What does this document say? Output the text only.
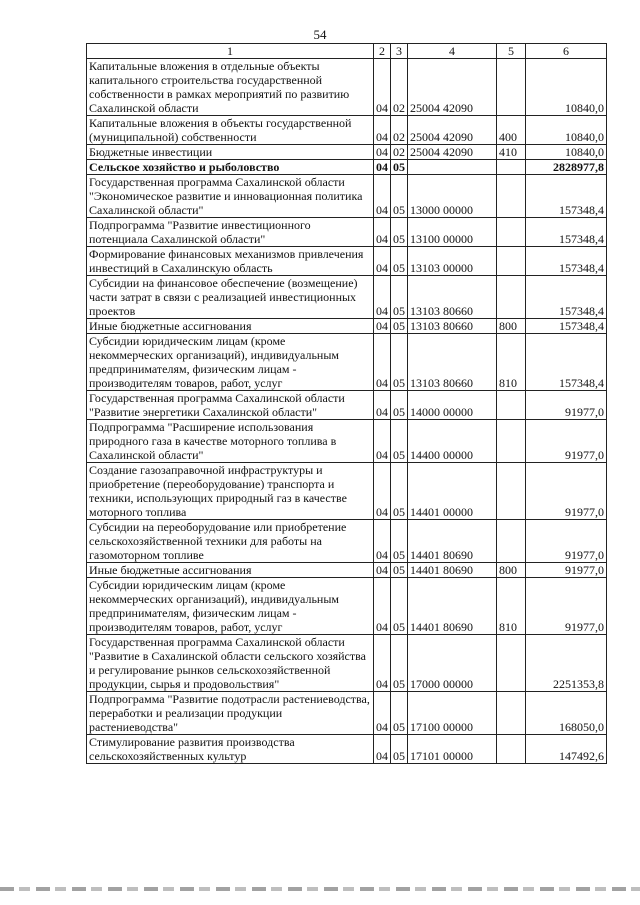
54
1	2	3	4	5	6
Капитальные вложения в отдельные объекты капитального строительства государственной собственности в рамках мероприятий по развитию Сахалинской области	04	02	25004 42090		10840,0
Капитальные вложения в объекты государственной (муниципальной) собственности	04	02	25004 42090	400	10840,0
Бюджетные инвестиции	04	02	25004 42090	410	10840,0
Сельское хозяйство и рыболовство	04	05			2828977,8
Государственная программа Сахалинской области "Экономическое развитие и инновационная политика Сахалинской области"	04	05	13000 00000		157348,4
Подпрограмма "Развитие инвестиционного потенциала Сахалинской области"	04	05	13100 00000		157348,4
Формирование финансовых механизмов привлечения инвестиций в Сахалинскую область	04	05	13103 00000		157348,4
Субсидии на финансовое обеспечение (возмещение) части затрат в связи с реализацией инвестиционных проектов	04	05	13103 80660		157348,4
Иные бюджетные ассигнования	04	05	13103 80660	800	157348,4
Субсидии юридическим лицам (кроме некоммерческих организаций), индивидуальным предпринимателям, физическим лицам - производителям товаров, работ, услуг	04	05	13103 80660	810	157348,4
Государственная программа Сахалинской области "Развитие энергетики Сахалинской области"	04	05	14000 00000		91977,0
Подпрограмма "Расширение использования природного газа в качестве моторного топлива в Сахалинской области"	04	05	14400 00000		91977,0
Создание газозаправочной инфраструктуры и приобретение (переоборудование) транспорта и техники, использующих природный газ в качестве моторного топлива	04	05	14401 00000		91977,0
Субсидии на переоборудование или приобретение сельскохозяйственной техники для работы на газомоторном топливе	04	05	14401 80690		91977,0
Иные бюджетные ассигнования	04	05	14401 80690	800	91977,0
Субсидии юридическим лицам (кроме некоммерческих организаций), индивидуальным предпринимателям, физическим лицам - производителям товаров, работ, услуг	04	05	14401 80690	810	91977,0
Государственная программа Сахалинской области "Развитие в Сахалинской области сельского хозяйства и регулирование рынков сельскохозяйственной продукции, сырья и продовольствия"	04	05	17000 00000		2251353,8
Подпрограмма "Развитие подотрасли растениеводства, переработки и реализации продукции растениеводства"	04	05	17100 00000		168050,0
Стимулирование развития производства сельскохозяйственных культур	04	05	17101 00000		147492,6
